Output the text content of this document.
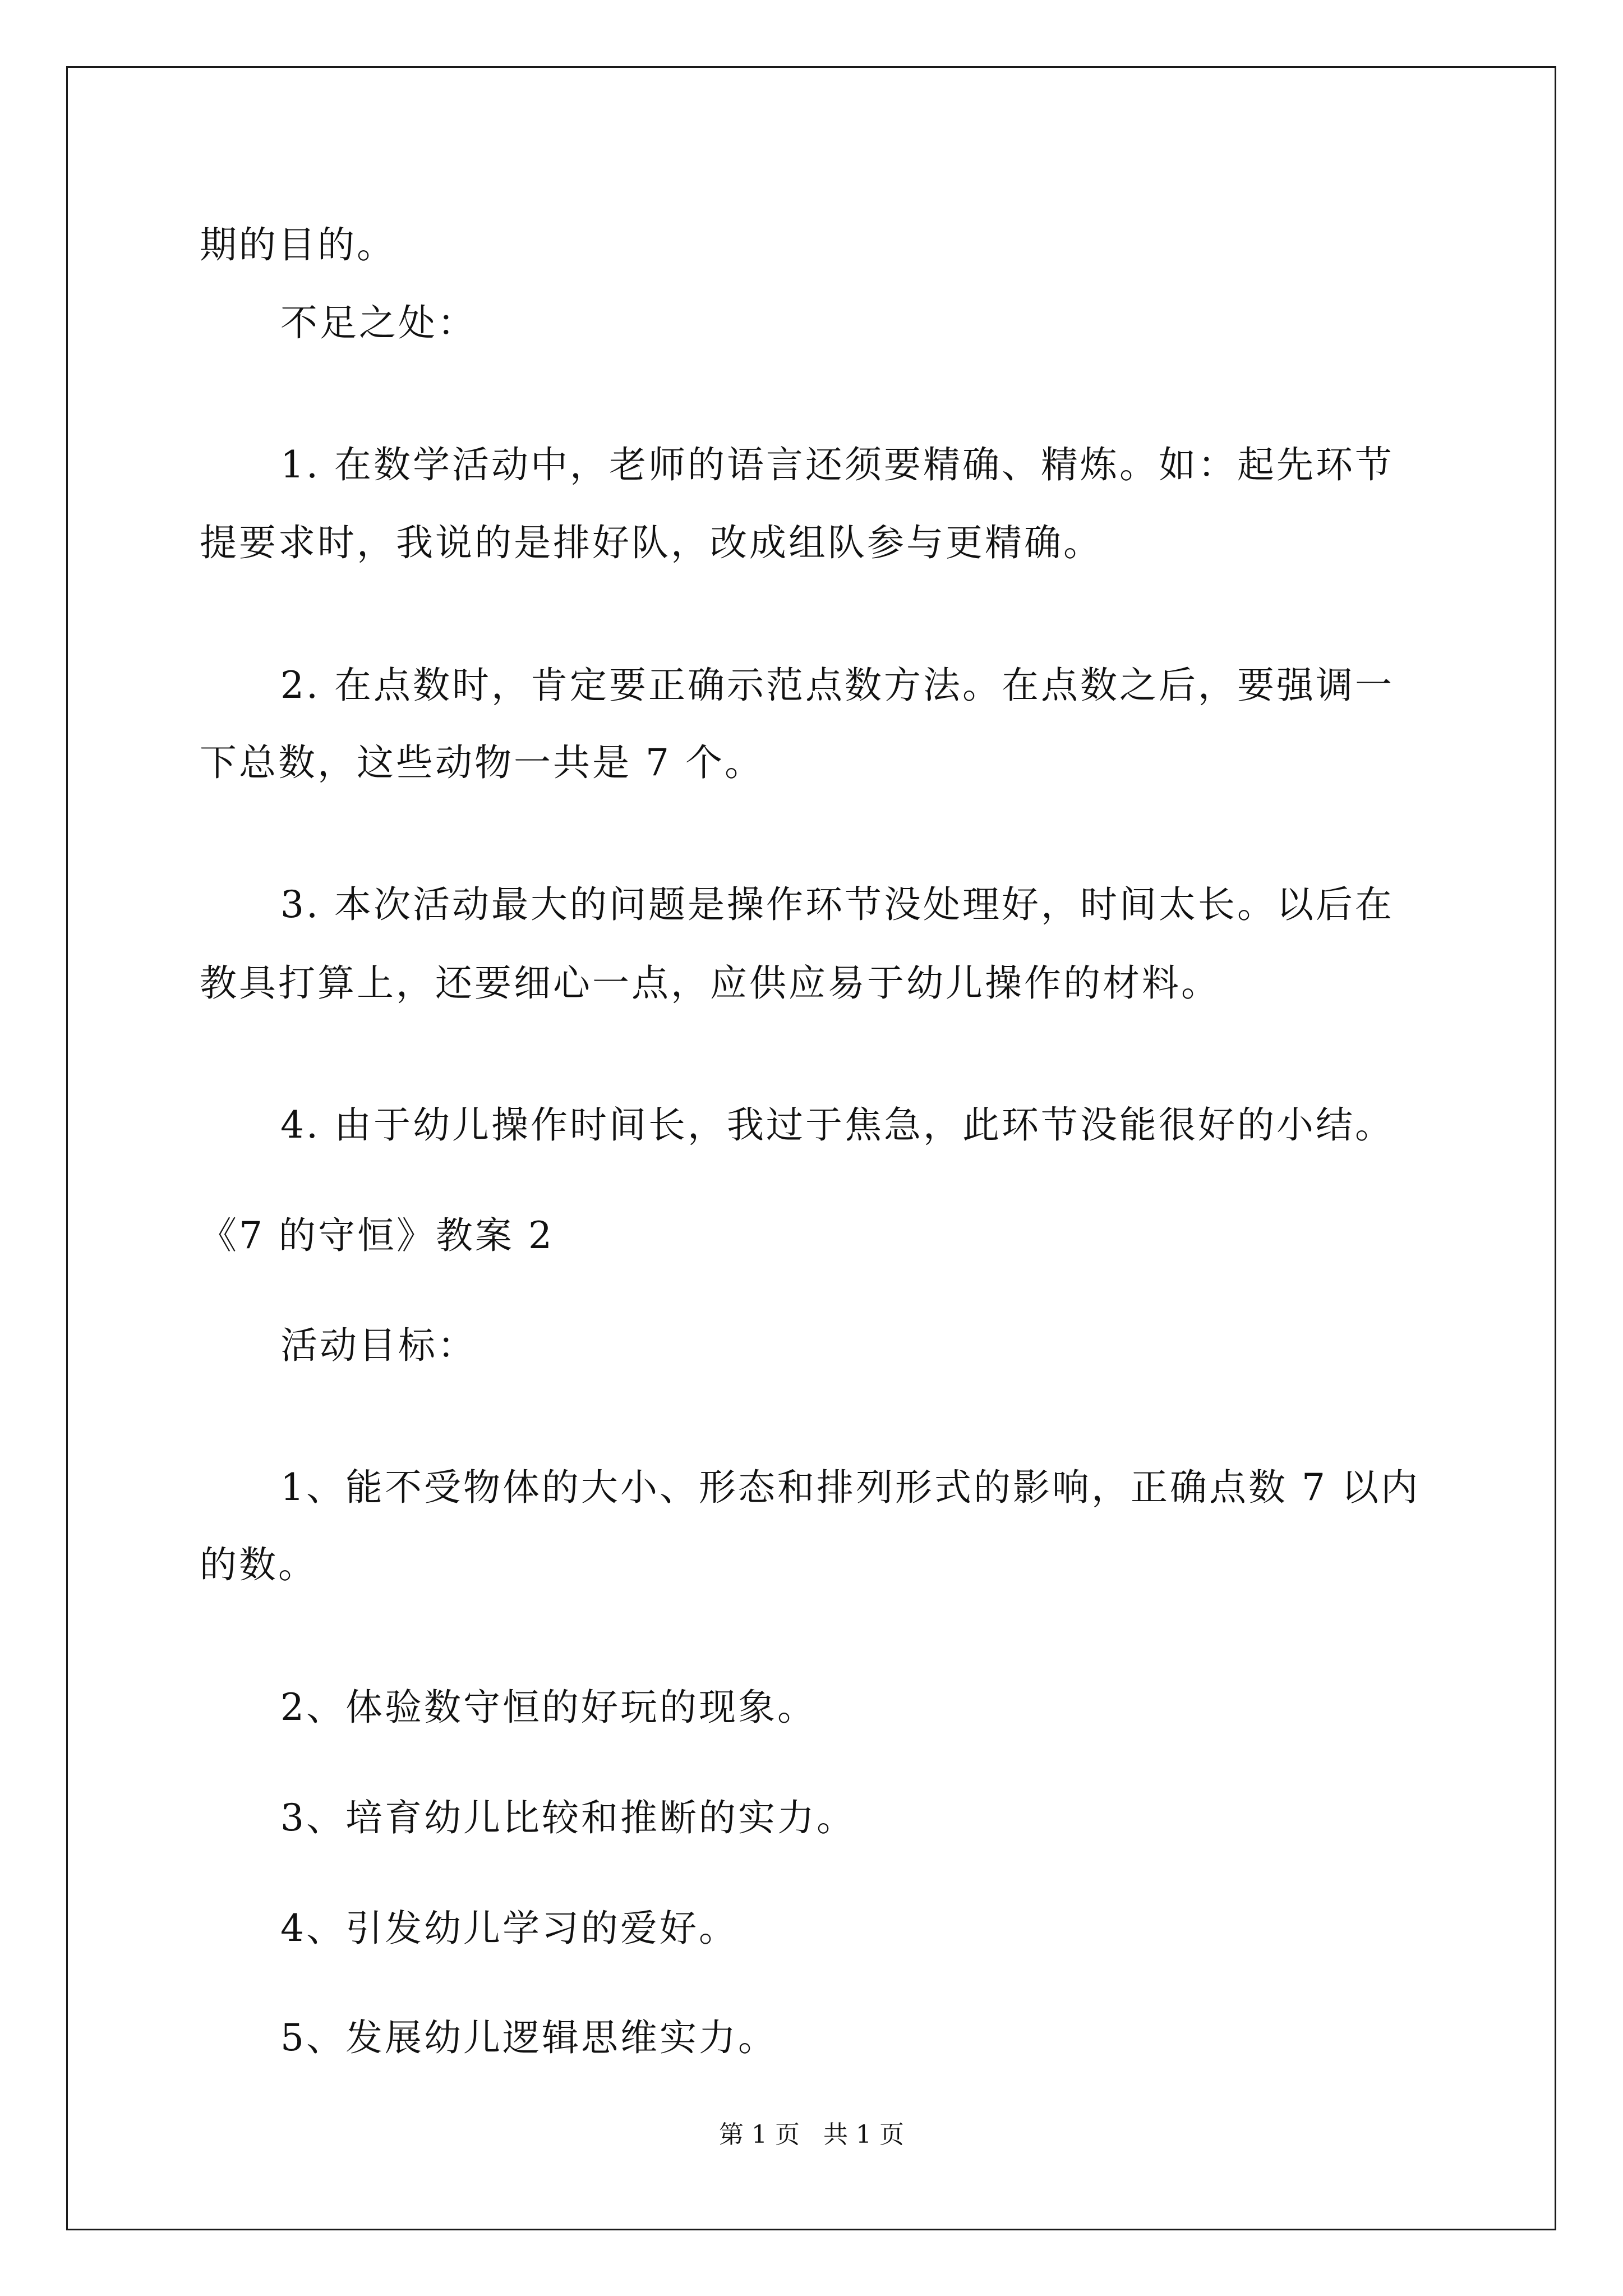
期的目的。
不足之处：
1. 在数学活动中，老师的语言还须要精确、精炼。如：起先环节
提要求时，我说的是排好队，改成组队参与更精确。
2. 在点数时，肯定要正确示范点数方法。在点数之后，要强调一
下总数，这些动物一共是 7 个。
3. 本次活动最大的问题是操作环节没处理好，时间太长。以后在
教具打算上，还要细心一点，应供应易于幼儿操作的材料。
4. 由于幼儿操作时间长，我过于焦急，此环节没能很好的小结。
《7 的守恒》教案 2
活动目标：
1、能不受物体的大小、形态和排列形式的影响，正确点数 7 以内
的数。
2、体验数守恒的好玩的现象。
3、培育幼儿比较和推断的实力。
4、引发幼儿学习的爱好。
5、发展幼儿逻辑思维实力。
第 1 页 共 1 页
